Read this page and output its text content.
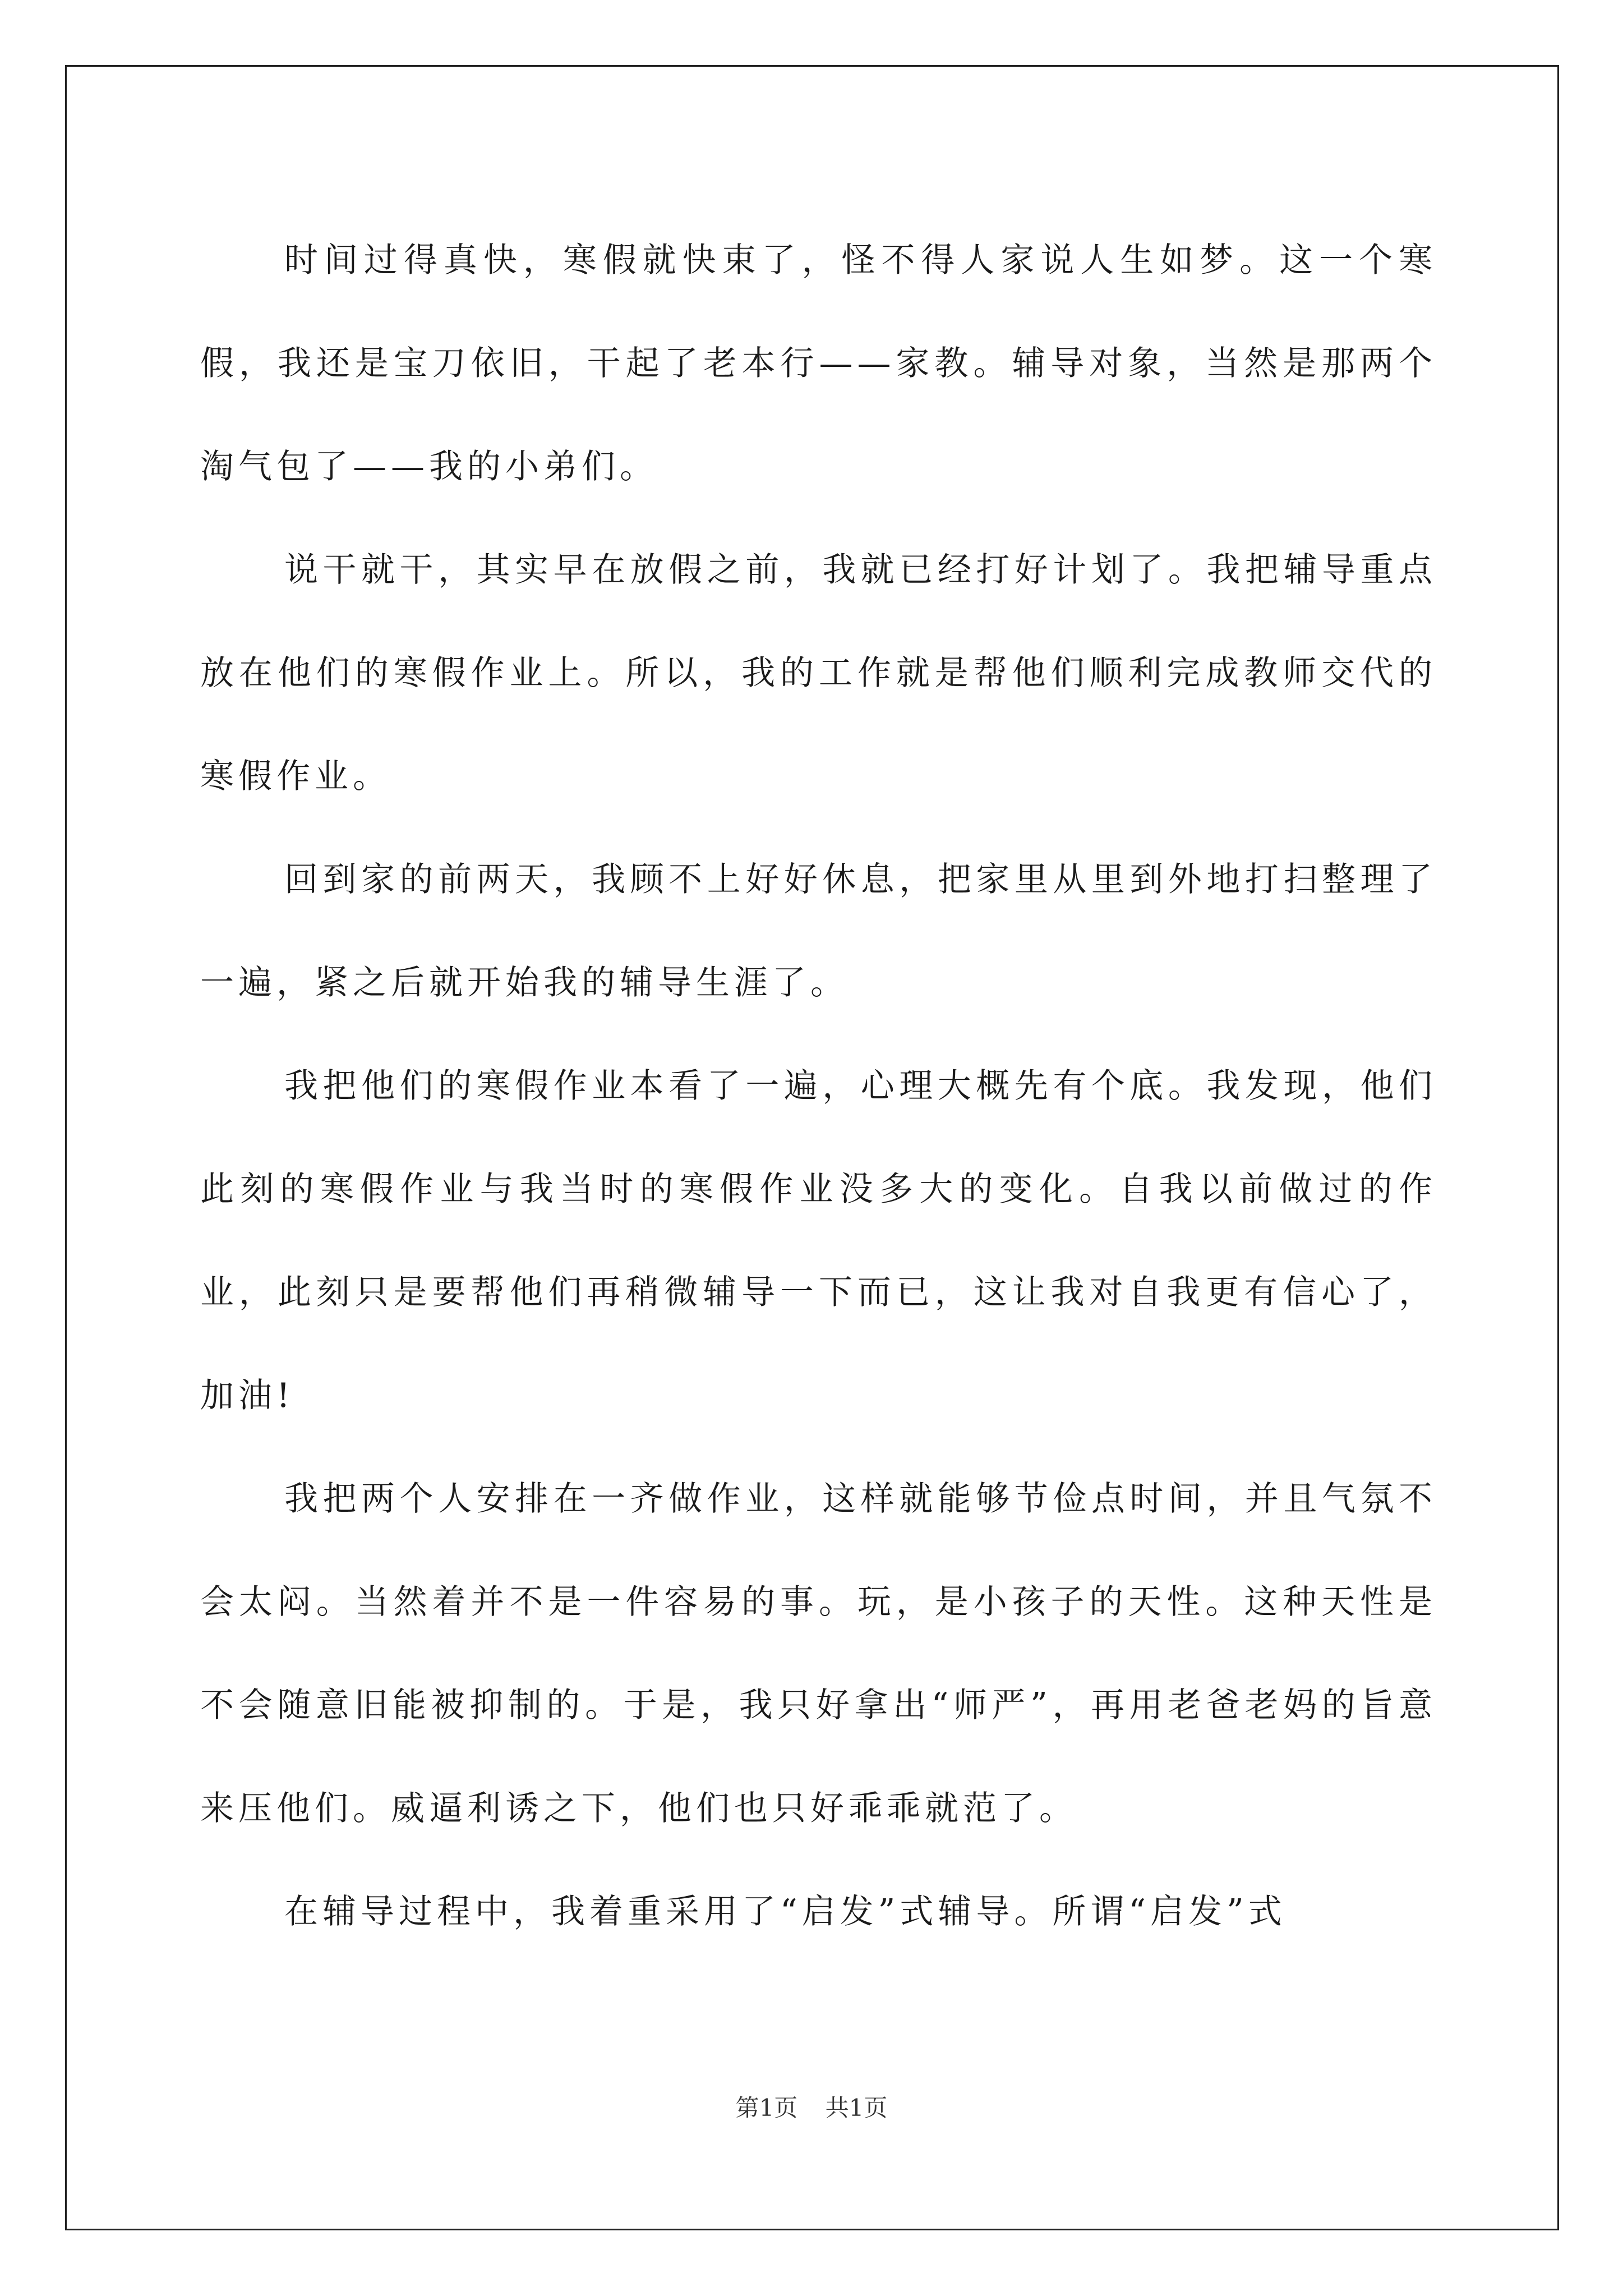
时间过得真快，寒假就快束了，怪不得人家说人生如梦。这一个寒假，我还是宝刀依旧，干起了老本行——家教。辅导对象，当然是那两个淘气包了——我的小弟们。

说干就干，其实早在放假之前，我就已经打好计划了。我把辅导重点放在他们的寒假作业上。所以，我的工作就是帮他们顺利完成教师交代的寒假作业。

回到家的前两天，我顾不上好好休息，把家里从里到外地打扫整理了一遍，紧之后就开始我的辅导生涯了。

我把他们的寒假作业本看了一遍，心理大概先有个底。我发现，他们此刻的寒假作业与我当时的寒假作业没多大的变化。自我以前做过的作业，此刻只是要帮他们再稍微辅导一下而已，这让我对自我更有信心了，加油!

我把两个人安排在一齐做作业，这样就能够节俭点时间，并且气氛不会太闷。当然着并不是一件容易的事。玩，是小孩子的天性。这种天性是不会随意旧能被抑制的。于是，我只好拿出“师严”，再用老爸老妈的旨意来压他们。威逼利诱之下，他们也只好乖乖就范了。

在辅导过程中，我着重采用了“启发”式辅导。所谓“启发”式

第1页 共1页
